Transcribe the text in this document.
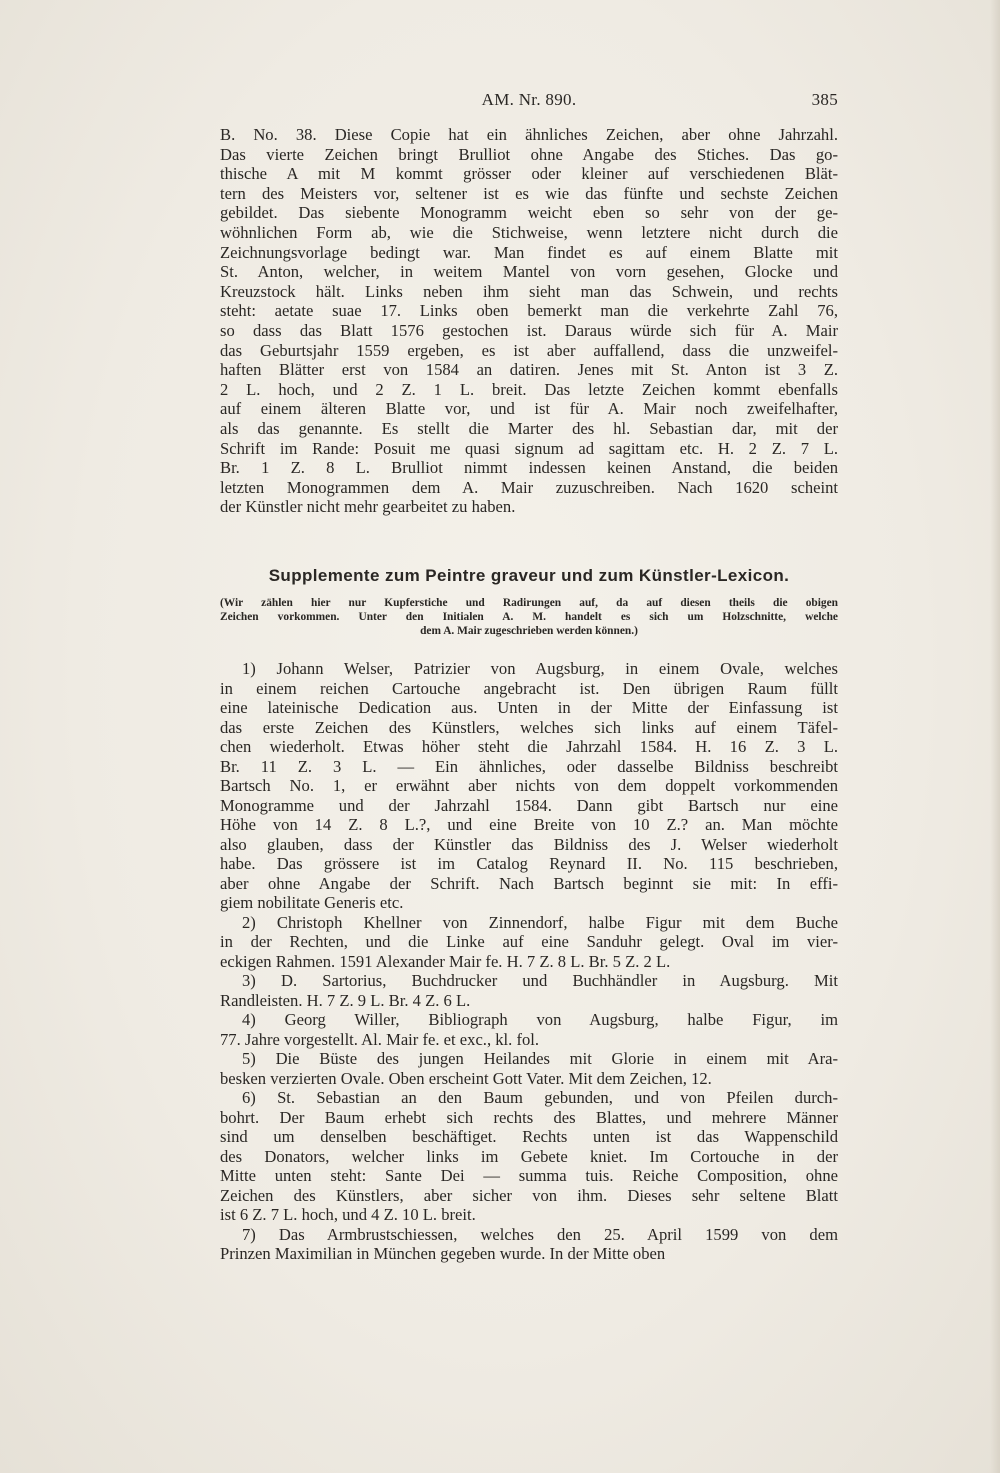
AM. Nr. 890.	385
B. No. 38. Diese Copie hat ein ähnliches Zeichen, aber ohne Jahrzahl.
Das vierte Zeichen bringt Brulliot ohne Angabe des Stiches. Das go-
thische A mit M kommt grösser oder kleiner auf verschiedenen Blät-
tern des Meisters vor, seltener ist es wie das fünfte und sechste Zeichen
gebildet. Das siebente Monogramm weicht eben so sehr von der ge-
wöhnlichen Form ab, wie die Stichweise, wenn letztere nicht durch die
Zeichnungsvorlage bedingt war. Man findet es auf einem Blatte mit
St. Anton, welcher, in weitem Mantel von vorn gesehen, Glocke und
Kreuzstock hält. Links neben ihm sieht man das Schwein, und rechts
steht: aetate suae 17. Links oben bemerkt man die verkehrte Zahl 76,
so dass das Blatt 1576 gestochen ist. Daraus würde sich für A. Mair
das Geburtsjahr 1559 ergeben, es ist aber auffallend, dass die unzweifel-
haften Blätter erst von 1584 an datiren. Jenes mit St. Anton ist 3 Z.
2 L. hoch, und 2 Z. 1 L. breit. Das letzte Zeichen kommt ebenfalls
auf einem älteren Blatte vor, und ist für A. Mair noch zweifelhafter,
als das genannte. Es stellt die Marter des hl. Sebastian dar, mit der
Schrift im Rande: Posuit me quasi signum ad sagittam etc. H. 2 Z. 7 L.
Br. 1 Z. 8 L. Brulliot nimmt indessen keinen Anstand, die beiden
letzten Monogrammen dem A. Mair zuzuschreiben. Nach 1620 scheint
der Künstler nicht mehr gearbeitet zu haben.
Supplemente zum Peintre graveur und zum Künstler-Lexicon.
(Wir zählen hier nur Kupferstiche und Radirungen auf, da auf diesen theils die obigen
Zeichen vorkommen. Unter den Initialen A. M. handelt es sich um Holzschnitte, welche
dem A. Mair zugeschrieben werden können.)
1) Johann Welser, Patrizier von Augsburg, in einem Ovale, welches
in einem reichen Cartouche angebracht ist. Den übrigen Raum füllt
eine lateinische Dedication aus. Unten in der Mitte der Einfassung ist
das erste Zeichen des Künstlers, welches sich links auf einem Täfel-
chen wiederholt. Etwas höher steht die Jahrzahl 1584. H. 16 Z. 3 L.
Br. 11 Z. 3 L. — Ein ähnliches, oder dasselbe Bildniss beschreibt
Bartsch No. 1, er erwähnt aber nichts von dem doppelt vorkommenden
Monogramme und der Jahrzahl 1584. Dann gibt Bartsch nur eine
Höhe von 14 Z. 8 L.?, und eine Breite von 10 Z.? an. Man möchte
also glauben, dass der Künstler das Bildniss des J. Welser wiederholt
habe. Das grössere ist im Catalog Reynard II. No. 115 beschrieben,
aber ohne Angabe der Schrift. Nach Bartsch beginnt sie mit: In effi-
giem nobilitate Generis etc.
2) Christoph Khellner von Zinnendorf, halbe Figur mit dem Buche
in der Rechten, und die Linke auf eine Sanduhr gelegt. Oval im vier-
eckigen Rahmen. 1591 Alexander Mair fe. H. 7 Z. 8 L. Br. 5 Z. 2 L.
3) D. Sartorius, Buchdrucker und Buchhändler in Augsburg. Mit
Randleisten. H. 7 Z. 9 L. Br. 4 Z. 6 L.
4) Georg Willer, Bibliograph von Augsburg, halbe Figur, im
77. Jahre vorgestellt. Al. Mair fe. et exc., kl. fol.
5) Die Büste des jungen Heilandes mit Glorie in einem mit Ara-
besken verzierten Ovale. Oben erscheint Gott Vater. Mit dem Zeichen, 12.
6) St. Sebastian an den Baum gebunden, und von Pfeilen durch-
bohrt. Der Baum erhebt sich rechts des Blattes, und mehrere Männer
sind um denselben beschäftiget. Rechts unten ist das Wappenschild
des Donators, welcher links im Gebete kniet. Im Cortouche in der
Mitte unten steht: Sante Dei — summa tuis. Reiche Composition, ohne
Zeichen des Künstlers, aber sicher von ihm. Dieses sehr seltene Blatt
ist 6 Z. 7 L. hoch, und 4 Z. 10 L. breit.
7) Das Armbrustschiessen, welches den 25. April 1599 von dem
Prinzen Maximilian in München gegeben wurde. In der Mitte oben
